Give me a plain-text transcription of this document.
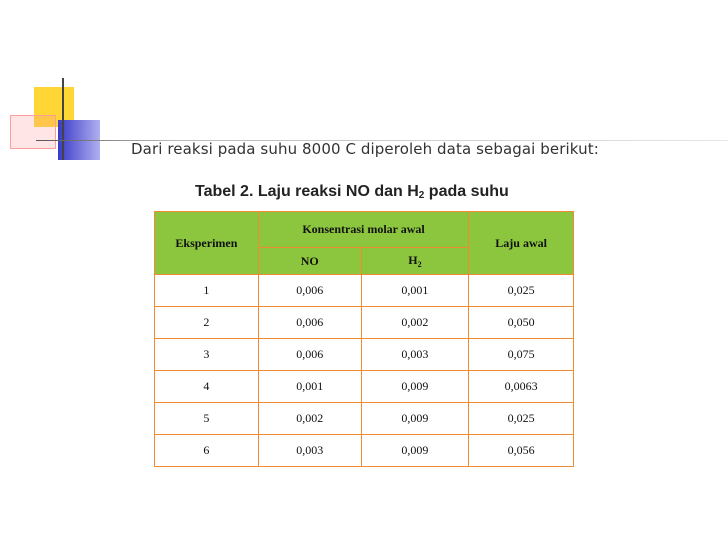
Dari reaksi pada suhu 8000 C diperoleh data sebagai berikut:
Tabel 2. Laju reaksi NO dan $H_2$ pada suhu
Eksperimen	Konsentrasi molar awal		Laju awal
	NO	$H_2$
1	0,006	0,001	0,025
2	0,006	0,002	0,050
3	0,006	0,003	0,075
4	0,001	0,009	0,0063
5	0,002	0,009	0,025
6	0,003	0,009	0,056
